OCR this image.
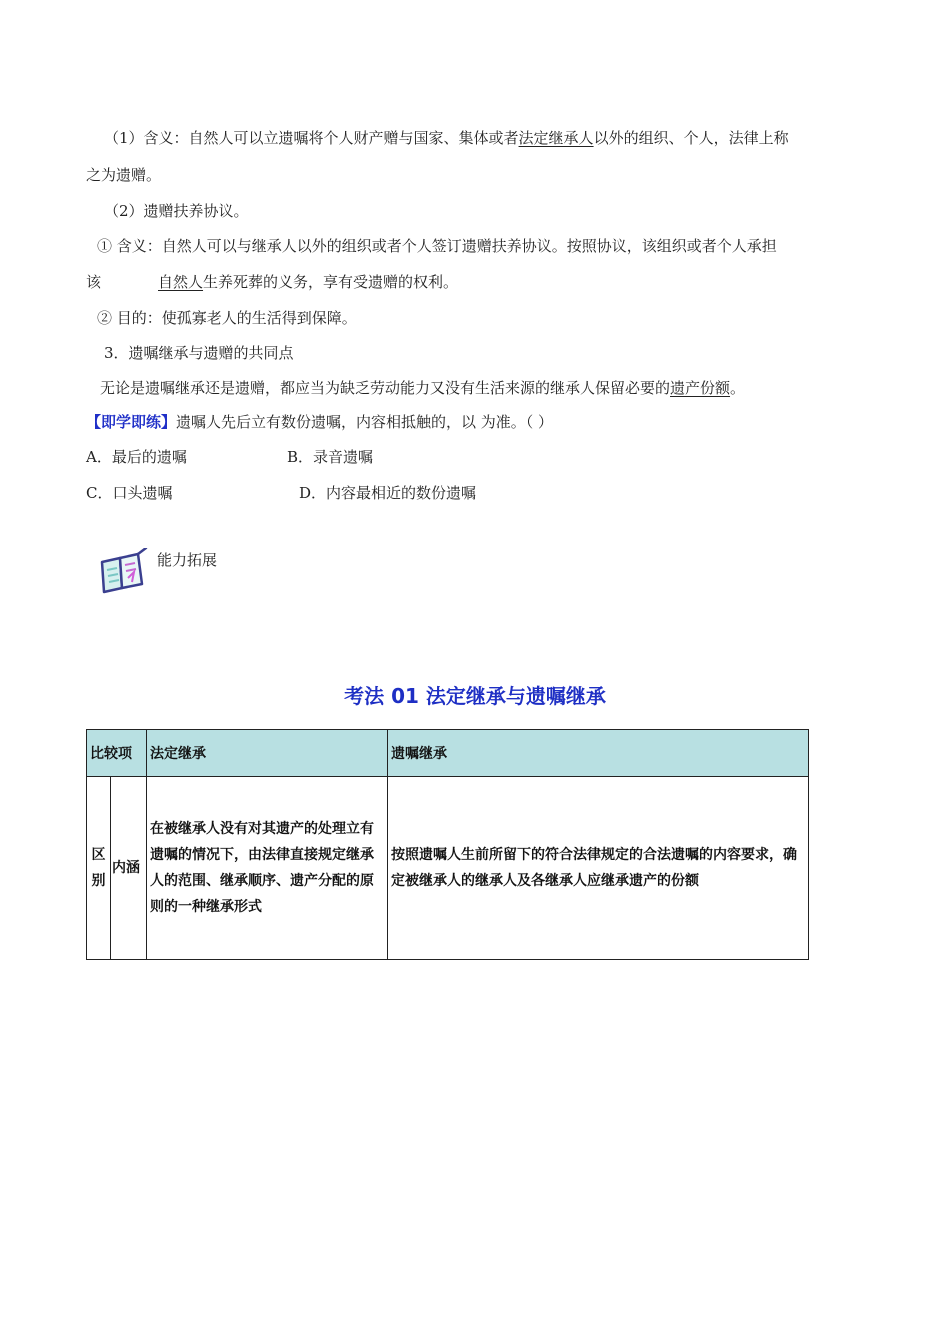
（1）含义：自然人可以立遗嘱将个人财产赠与国家、集体或者法定继承人以外的组织、个人，法律上称
之为遗赠。
（2）遗赠扶养协议。
① 含义：自然人可以与继承人以外的组织或者个人签订遗赠扶养协议。按照协议，该组织或者个人承担
该	自然人生养死葬的义务，享有受遗赠的权利。
② 目的：使孤寡老人的生活得到保障。
3．遗嘱继承与遗赠的共同点
无论是遗嘱继承还是遗赠，都应当为缺乏劳动能力又没有生活来源的继承人保留必要的遗产份额。
【即学即练】遗嘱人先后立有数份遗嘱，内容相抵触的，以 为准。（ ）
A．最后的遗嘱	B．录音遗嘱
C．口头遗嘱	D．内容最相近的数份遗嘱
能力拓展
考法 01 法定继承与遗嘱继承
比较项		法定继承	遗嘱继承
区
别	内涵	在被继承人没有对其遗产的处理立有遗嘱的情况下，由法律直接规定继承人的范围、继承顺序、遗产分配的原则的一种继承形式	按照遗嘱人生前所留下的符合法律规定的合法遗嘱的内容要求，确定被继承人的继承人及各继承人应继承遗产的份额
